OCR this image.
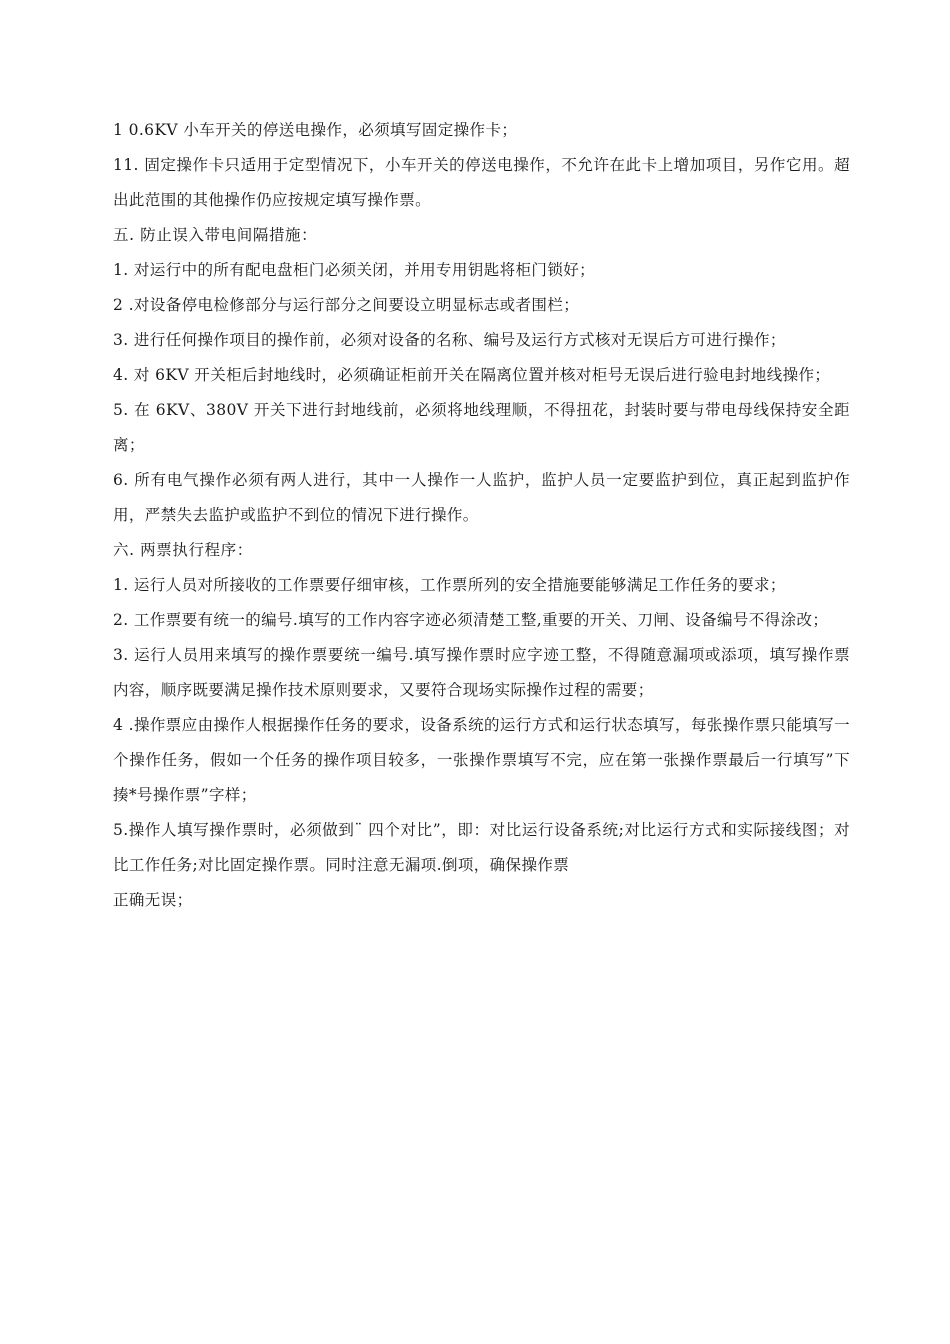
1 0.6KV 小车开关的停送电操作，必须填写固定操作卡；

11. 固定操作卡只适用于定型情况下，小车开关的停送电操作，不允许在此卡上增加项目，另作它用。超出此范围的其他操作仍应按规定填写操作票。

五. 防止误入带电间隔措施：

1. 对运行中的所有配电盘柜门必须关闭，并用专用钥匙将柜门锁好；

2 .对设备停电检修部分与运行部分之间要设立明显标志或者围栏；

3. 进行任何操作项目的操作前，必须对设备的名称、编号及运行方式核对无误后方可进行操作；

4. 对 6KV 开关柜后封地线时，必须确证柜前开关在隔离位置并核对柜号无误后进行验电封地线操作；

5. 在 6KV、380V 开关下进行封地线前，必须将地线理顺，不得扭花，封装时要与带电母线保持安全距离；

6. 所有电气操作必须有两人进行，其中一人操作一人监护，监护人员一定要监护到位，真正起到监护作用，严禁失去监护或监护不到位的情况下进行操作。

六. 两票执行程序：

1. 运行人员对所接收的工作票要仔细审核，工作票所列的安全措施要能够满足工作任务的要求；

2. 工作票要有统一的编号.填写的工作内容字迹必须清楚工整,重要的开关、刀闸、设备编号不得涂改；

3. 运行人员用来填写的操作票要统一编号.填写操作票时应字迹工整，不得随意漏项或添项，填写操作票内容，顺序既要满足操作技术原则要求，又要符合现场实际操作过程的需要；

4 .操作票应由操作人根据操作任务的要求，设备系统的运行方式和运行状态填写，每张操作票只能填写一个操作任务，假如一个任务的操作项目较多，一张操作票填写不完，应在第一张操作票最后一行填写”下揍*号操作票”字样；

5.操作人填写操作票时，必须做到¨ 四个对比”，即：对比运行设备系统;对比运行方式和实际接线图；对比工作任务;对比固定操作票。同时注意无漏项.倒项，确保操作票

正确无误；
